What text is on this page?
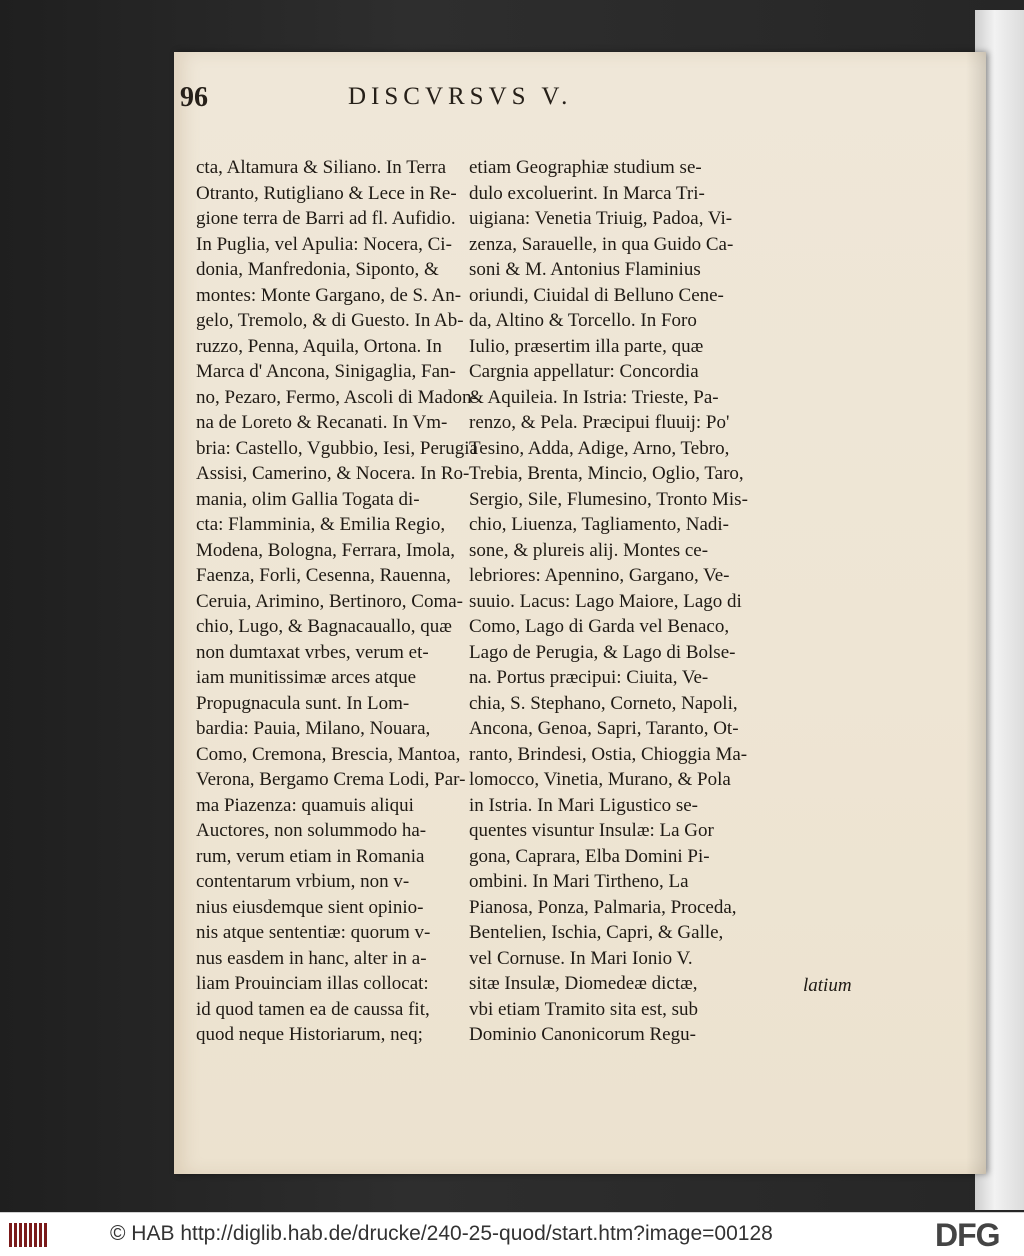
96	DISCVRSVS V.
cta, Altamura & Siliano. In Terra
Otranto, Rutigliano & Lece in Re-
gione terra de Barri ad fl. Aufidio.
In Puglia, vel Apulia: Nocera, Ci-
donia, Manfredonia, Siponto, &
montes: Monte Gargano, de S. An-
gelo, Tremolo, & di Guesto. In Ab-
ruzzo, Penna, Aquila, Ortona. In
Marca d' Ancona, Sinigaglia, Fan-
no, Pezaro, Fermo, Ascoli di Madon-
na de Loreto & Recanati. In Vm-
bria: Castello, Vgubbio, Iesi, Perugia
Assisi, Camerino, & Nocera. In Ro-
mania, olim Gallia Togata di-
cta: Flamminia, & Emilia Regio,
Modena, Bologna, Ferrara, Imola,
Faenza, Forli, Cesenna, Rauenna,
Ceruia, Arimino, Bertinoro, Coma-
chio, Lugo, & Bagnacauallo, quæ
non dumtaxat vrbes, verum et-
iam munitissimæ arces atque
Propugnacula sunt. In Lom-
bardia: Pauia, Milano, Nouara,
Como, Cremona, Brescia, Mantoa,
Verona, Bergamo Crema Lodi, Par-
ma Piazenza: quamuis aliqui
Auctores, non solummodo ha-
rum, verum etiam in Romania
contentarum vrbium, non v-
nius eiusdemque sient opinio-
nis atque sententiæ: quorum v-
nus easdem in hanc, alter in a-
liam Prouinciam illas collocat:
id quod tamen ea de caussa fit,
quod neque Historiarum, neq;
etiam Geographiæ studium se-
dulo excoluerint. In Marca Tri-
uigiana: Venetia Triuig, Padoa, Vi-
zenza, Sarauelle, in qua Guido Ca-
soni & M. Antonius Flaminius
oriundi, Ciuidal di Belluno Cene-
da, Altino & Torcello. In Foro
Iulio, præsertim illa parte, quæ
Cargnia appellatur: Concordia
& Aquileia. In Istria: Trieste, Pa-
renzo, & Pela. Præcipui fluuij: Po'
Tesino, Adda, Adige, Arno, Tebro,
Trebia, Brenta, Mincio, Oglio, Taro,
Sergio, Sile, Flumesino, Tronto Mis-
chio, Liuenza, Tagliamento, Nadi-
sone, & plureis alij. Montes ce-
lebriores: Apennino, Gargano, Ve-
suuio. Lacus: Lago Maiore, Lago di
Como, Lago di Garda vel Benaco,
Lago de Perugia, & Lago di Bolse-
na. Portus præcipui: Ciuita, Ve-
chia, S. Stephano, Corneto, Napoli,
Ancona, Genoa, Sapri, Taranto, Ot-
ranto, Brindesi, Ostia, Chioggia Ma-
lomocco, Vinetia, Murano, & Pola
in Istria. In Mari Ligustico se-
quentes visuntur Insulæ: La Gor
gona, Caprara, Elba Domini Pi-
ombini. In Mari Tirtheno, La
Pianosa, Ponza, Palmaria, Proceda,
Bentelien, Ischia, Capri, & Galle,
vel Cornuse. In Mari Ionio V.
sitæ Insulæ, Diomedeæ dictæ,
vbi etiam Tramito sita est, sub
Dominio Canonicorum Regu-
latium
© HAB http://diglib.hab.de/drucke/240-25-quod/start.htm?image=00128	DFG
